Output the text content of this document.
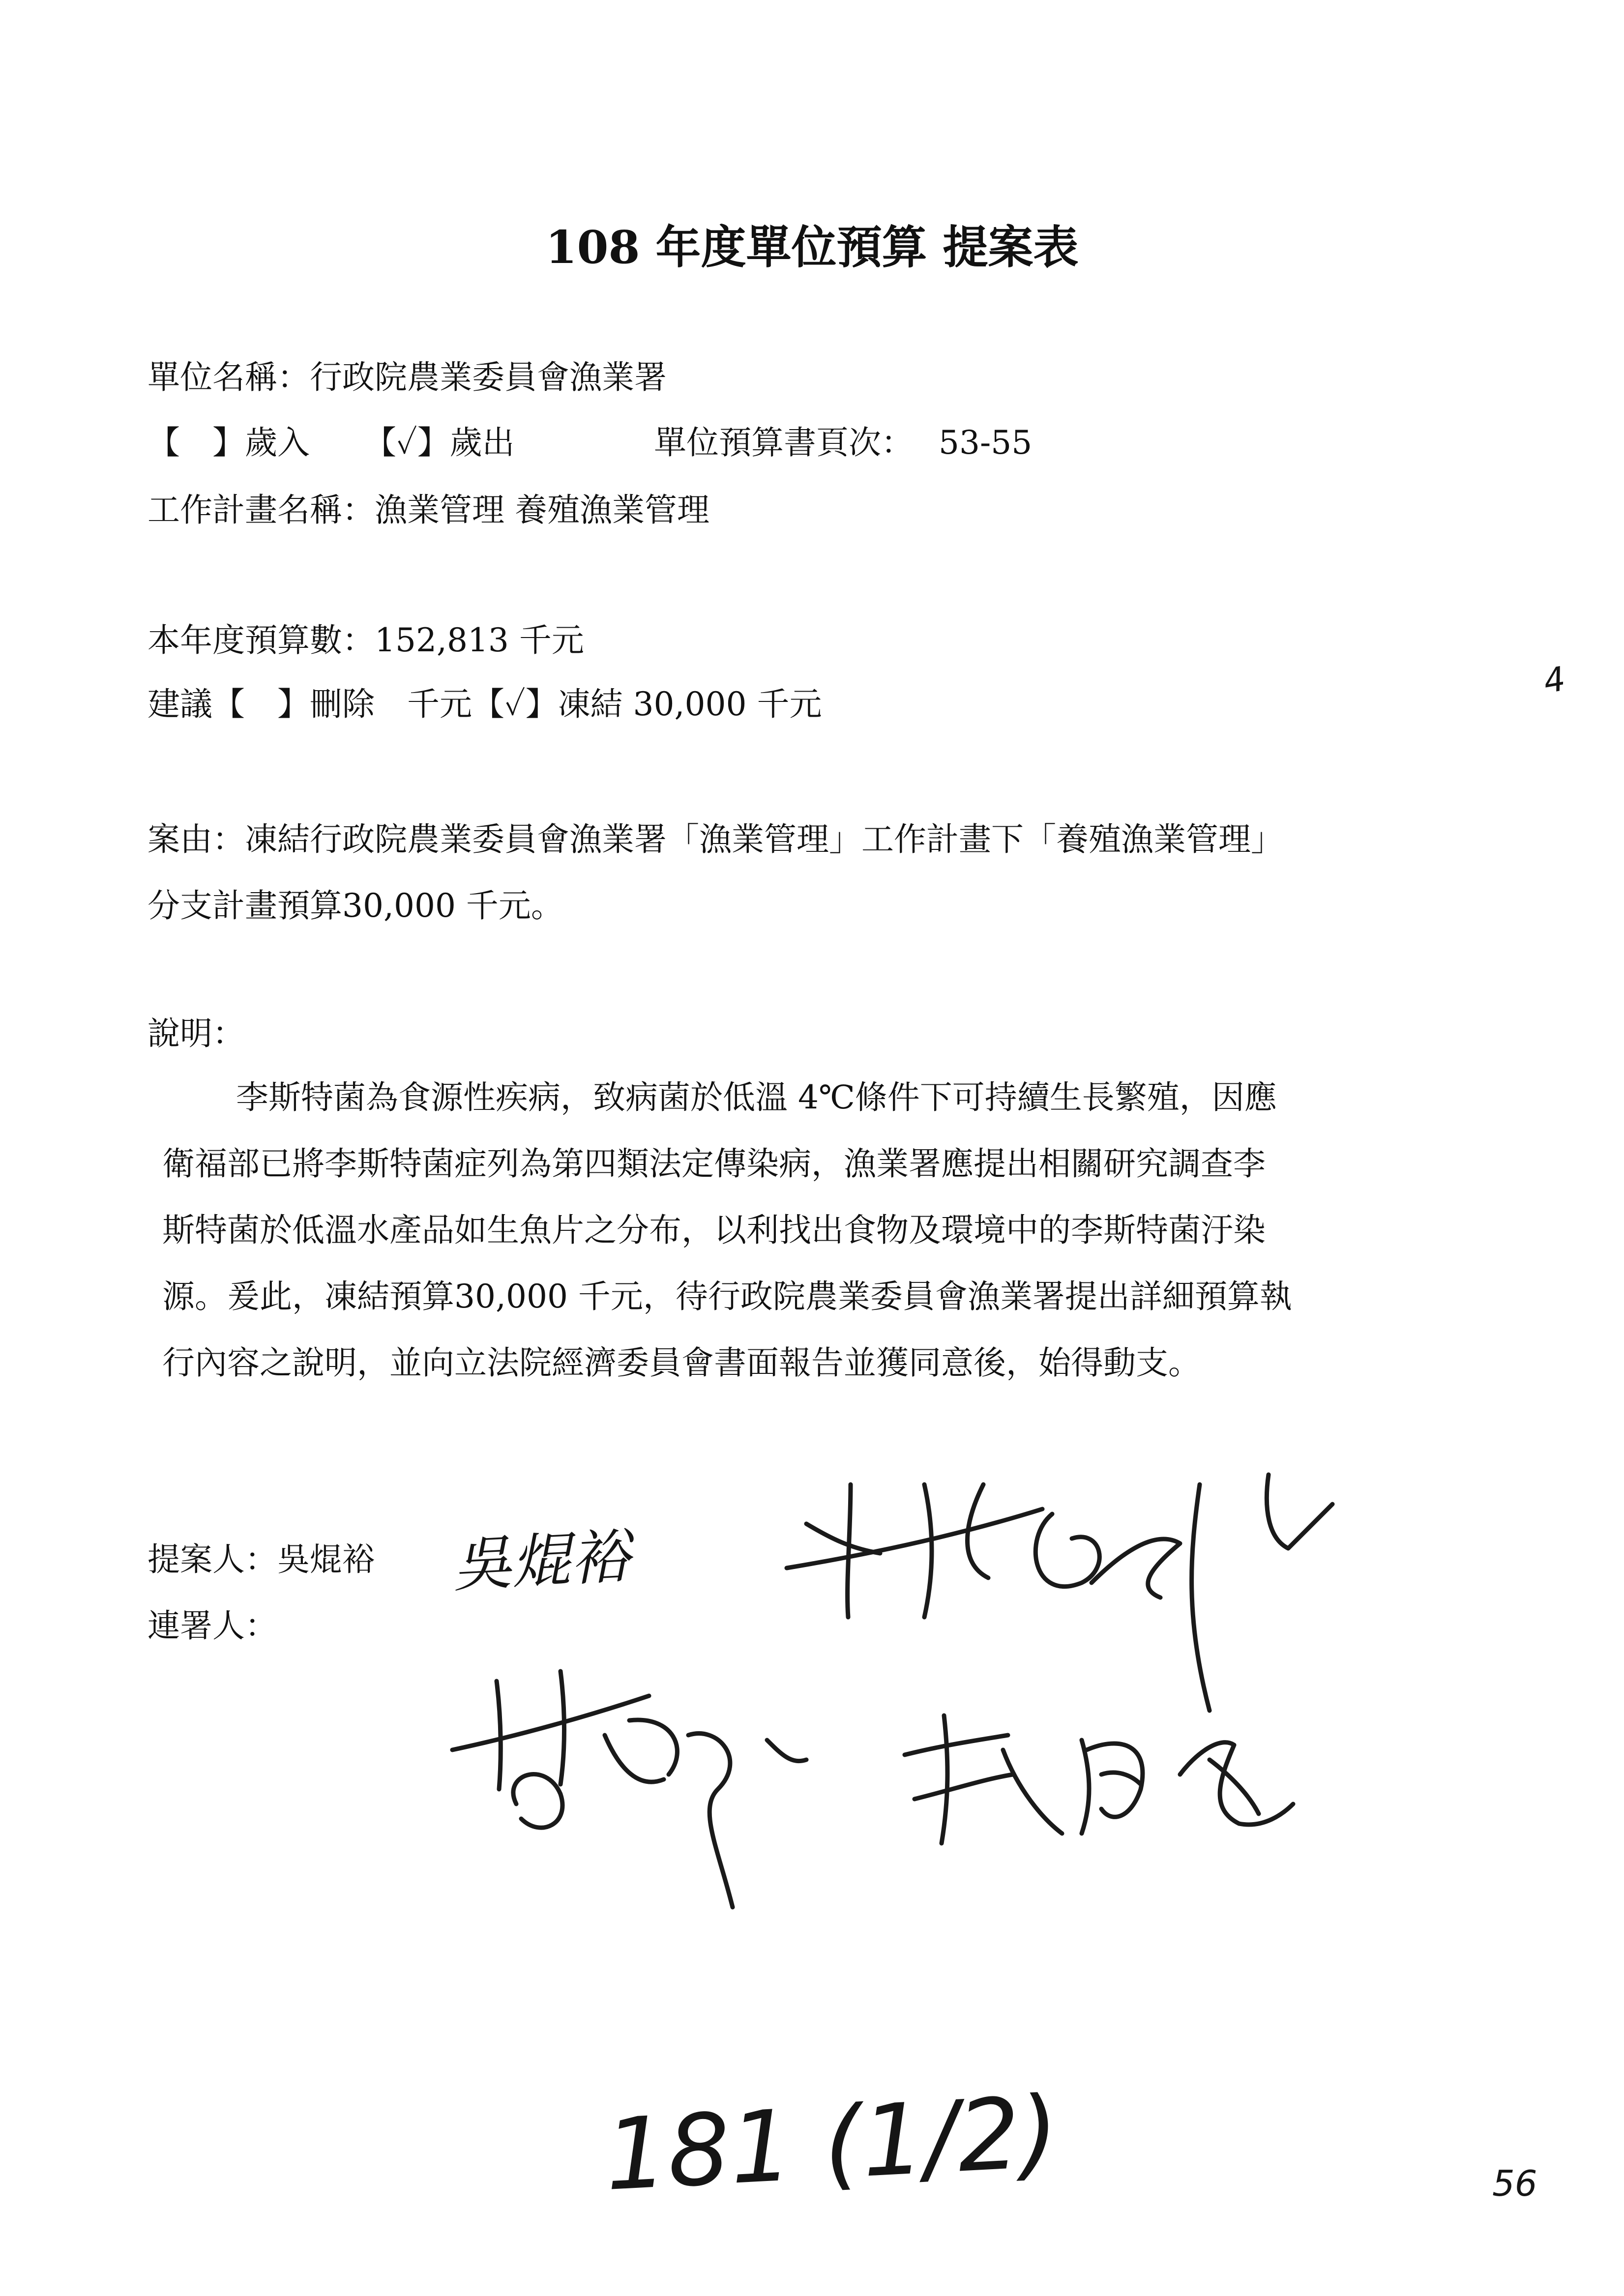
108 年度單位預算 提案表
單位名稱：行政院農業委員會漁業署
【　】歲入 【✓】歲出	單位預算書頁次： 53-55
工作計畫名稱：漁業管理 養殖漁業管理
本年度預算數：152,813 千元
建議【　】刪除　千元【✓】凍結 30,000 千元
案由：凍結行政院農業委員會漁業署「漁業管理」工作計畫下「養殖漁業管理」
分支計畫預算30,000 千元。
說明：
李斯特菌為食源性疾病，致病菌於低溫 4℃條件下可持續生長繁殖，因應
衛福部已將李斯特菌症列為第四類法定傳染病，漁業署應提出相關研究調查李
斯特菌於低溫水產品如生魚片之分布，以利找出食物及環境中的李斯特菌汙染
源。爰此，凍結預算30,000 千元，待行政院農業委員會漁業署提出詳細預算執
行內容之說明，並向立法院經濟委員會書面報告並獲同意後，始得動支。
提案人：吳焜裕
連署人：
吳焜裕
4
181 (1/2)	56
